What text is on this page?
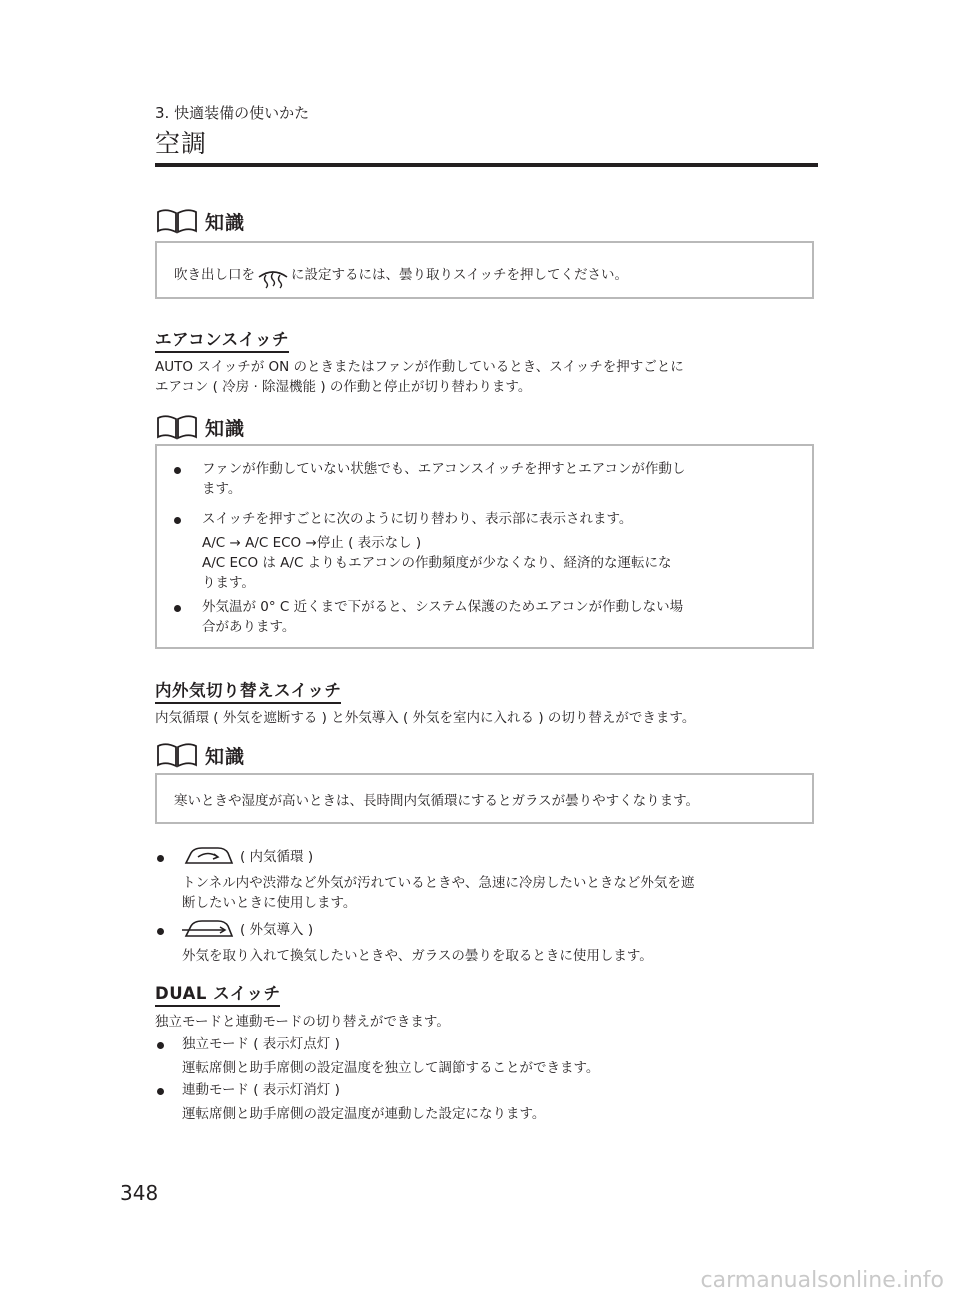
3. 快適装備の使いかた
空調
知識
吹き出し口を	に設定するには、曇り取りスイッチを押してください。
エアコンスイッチ
AUTO スイッチが ON のときまたはファンが作動しているとき、スイッチを押すごとに
エアコン ( 冷房 · 除湿機能 ) の作動と停止が切り替わります。
知識
ファンが作動していない状態でも、エアコンスイッチを押すとエアコンが作動し
ます。
スイッチを押すごとに次のように切り替わり、表示部に表示されます。
A/C → A/C ECO →停止 ( 表示なし )
A/C ECO は A/C よりもエアコンの作動頻度が少なくなり、経済的な運転にな
ります。
外気温が 0° C 近くまで下がると、システム保護のためエアコンが作動しない場
合があります。
内外気切り替えスイッチ
内気循環 ( 外気を遮断する ) と外気導入 ( 外気を室内に入れる ) の切り替えができます。
知識
寒いときや湿度が高いときは、長時間内気循環にするとガラスが曇りやすくなります。
( 内気循環 )
トンネル内や渋滞など外気が汚れているときや、急速に冷房したいときなど外気を遮
断したいときに使用します。
( 外気導入 )
外気を取り入れて換気したいときや、ガラスの曇りを取るときに使用します。
DUAL スイッチ
独立モードと連動モードの切り替えができます。
独立モード ( 表示灯点灯 )
運転席側と助手席側の設定温度を独立して調節することができます。
連動モード ( 表示灯消灯 )
運転席側と助手席側の設定温度が連動した設定になります。
348
carmanualsonline.info
